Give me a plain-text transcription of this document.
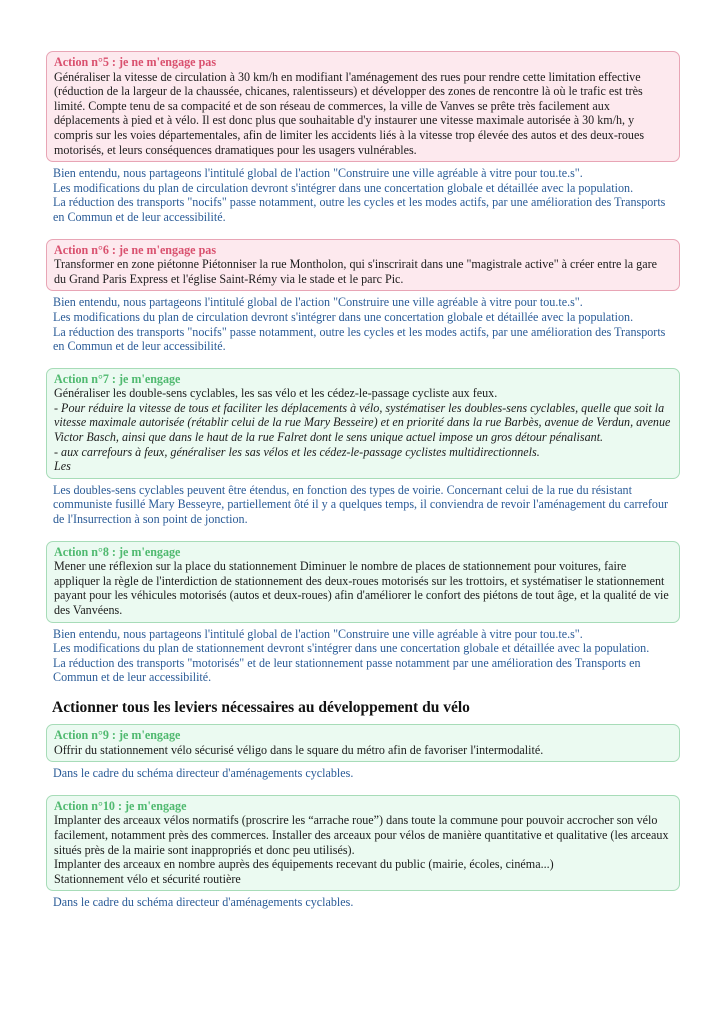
Action n°5 : je ne m'engage pas
Généraliser la vitesse de circulation à 30 km/h en modifiant l'aménagement des rues pour rendre cette limitation effective (réduction de la largeur de la chaussée, chicanes, ralentisseurs) et développer des zones de rencontre là où le trafic est très limité. Compte tenu de sa compacité et de son réseau de commerces, la ville de Vanves se prête très facilement aux déplacements à pied et à vélo. Il est donc plus que souhaitable d'y instaurer une vitesse maximale autorisée à 30 km/h, y compris sur les voies départementales, afin de limiter les accidents liés à la vitesse trop élevée des autos et des deux-roues motorisés, et leurs conséquences dramatiques pour les usagers vulnérables.
Bien entendu, nous partageons l'intitulé global de l'action "Construire une ville agréable à vitre pour tou.te.s".
Les modifications du plan de circulation devront s'intégrer dans une concertation globale et détaillée avec la population.
La réduction des transports "nocifs" passe notamment, outre les cycles et les modes actifs, par une amélioration des Transports en Commun et de leur accessibilité.
Action n°6 : je ne m'engage pas
Transformer en zone piétonne Piétonniser la rue Montholon, qui s'inscrirait dans une "magistrale active" à créer entre la gare du Grand Paris Express et l'église Saint-Rémy via le stade et le parc Pic.
Bien entendu, nous partageons l'intitulé global de l'action "Construire une ville agréable à vitre pour tou.te.s".
Les modifications du plan de circulation devront s'intégrer dans une concertation globale et détaillée avec la population.
La réduction des transports "nocifs" passe notamment, outre les cycles et les modes actifs, par une amélioration des Transports en Commun et de leur accessibilité.
Action n°7 : je m'engage
Généraliser les double-sens cyclables, les sas vélo et les cédez-le-passage cycliste aux feux.
- Pour réduire la vitesse de tous et faciliter les déplacements à vélo, systématiser les doubles-sens cyclables, quelle que soit la vitesse maximale autorisée (rétablir celui de la rue Mary Besseire) et en priorité dans la rue Barbès, avenue de Verdun, avenue Victor Basch, ainsi que dans le haut de la rue Falret dont le sens unique actuel impose un gros détour pénalisant.
- aux carrefours à feux, généraliser les sas vélos et les cédez-le-passage cyclistes multidirectionnels.
Les
Les doubles-sens cyclables peuvent être étendus, en fonction des types de voirie. Concernant celui de la rue du résistant communiste fusillé Mary Besseyre, partiellement ôté il y a quelques temps, il conviendra de revoir l'aménagement du carrefour de l'Insurrection à son point de jonction.
Action n°8 : je m'engage
Mener une réflexion sur la place du stationnement Diminuer le nombre de places de stationnement pour voitures, faire appliquer la règle de l'interdiction de stationnement des deux-roues motorisés sur les trottoirs, et systématiser le stationnement payant pour les véhicules motorisés (autos et deux-roues) afin d'améliorer le confort des piétons de tout âge, et la qualité de vie des Vanvéens.
Bien entendu, nous partageons l'intitulé global de l'action "Construire une ville agréable à vitre pour tou.te.s".
Les modifications du plan de stationnement devront s'intégrer dans une concertation globale et détaillée avec la population.
La réduction des transports "motorisés" et de leur stationnement passe notamment par une amélioration des Transports en Commun et de leur accessibilité.
Actionner tous les leviers nécessaires au développement du vélo
Action n°9 : je m'engage
Offrir du stationnement vélo sécurisé véligo dans le square du métro afin de favoriser l'intermodalité.
Dans le cadre du schéma directeur d'aménagements cyclables.
Action n°10 : je m'engage
Implanter des arceaux vélos normatifs (proscrire les “arrache roue”) dans toute la commune pour pouvoir accrocher son vélo facilement, notamment près des commerces. Installer des arceaux pour vélos de manière quantitative et qualitative (les arceaux situés près de la mairie sont inappropriés et donc peu utilisés).
Implanter des arceaux en nombre auprès des équipements recevant du public (mairie, écoles, cinéma...)
Stationnement vélo et sécurité routière
Dans le cadre du schéma directeur d'aménagements cyclables.
